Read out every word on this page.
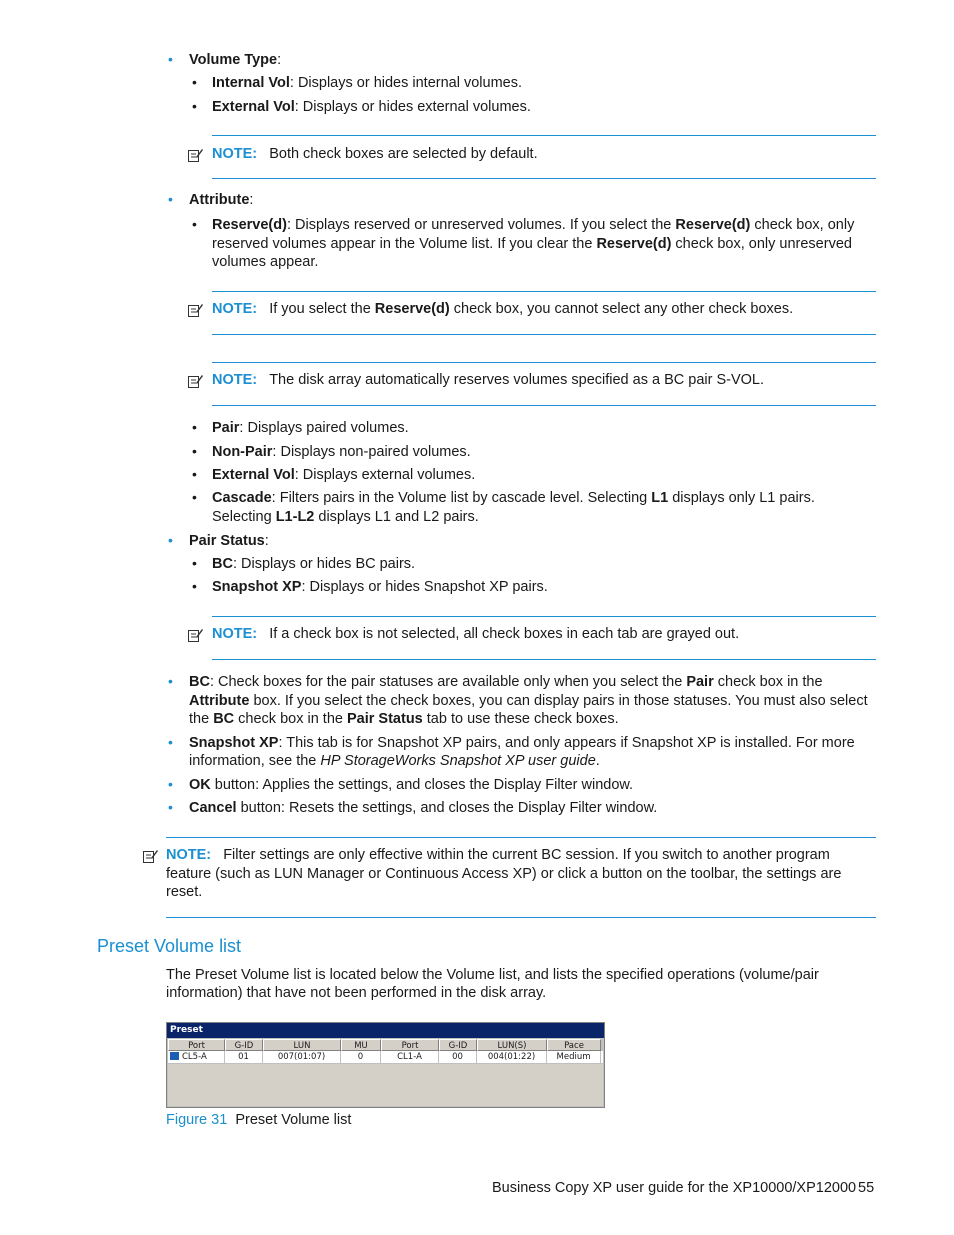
• Volume Type:
• Internal Vol: Displays or hides internal volumes.
• External Vol: Displays or hides external volumes.
NOTE: Both check boxes are selected by default.
• Attribute:
• Reserve(d): Displays reserved or unreserved volumes. If you select the Reserve(d) check box, only
reserved volumes appear in the Volume list. If you clear the Reserve(d) check box, only unreserved
volumes appear.
NOTE: If you select the Reserve(d) check box, you cannot select any other check boxes.
NOTE: The disk array automatically reserves volumes specified as a BC pair S-VOL.
• Pair: Displays paired volumes.
• Non-Pair: Displays non-paired volumes.
• External Vol: Displays external volumes.
• Cascade: Filters pairs in the Volume list by cascade level. Selecting L1 displays only L1 pairs.
Selecting L1-L2 displays L1 and L2 pairs.
• Pair Status:
• BC: Displays or hides BC pairs.
• Snapshot XP: Displays or hides Snapshot XP pairs.
NOTE: If a check box is not selected, all check boxes in each tab are grayed out.
• BC: Check boxes for the pair statuses are available only when you select the Pair check box in the
Attribute box. If you select the check boxes, you can display pairs in those statuses. You must also select
the BC check box in the Pair Status tab to use these check boxes.
• Snapshot XP: This tab is for Snapshot XP pairs, and only appears if Snapshot XP is installed. For more
information, see the HP StorageWorks Snapshot XP user guide.
• OK button: Applies the settings, and closes the Display Filter window.
• Cancel button: Resets the settings, and closes the Display Filter window.
NOTE: Filter settings are only effective within the current BC session. If you switch to another program
feature (such as LUN Manager or Continuous Access XP) or click a button on the toolbar, the settings are
reset.
Preset Volume list
The Preset Volume list is located below the Volume list, and lists the specified operations (volume/pair
information) that have not been performed in the disk array.
Preset
Port	G-ID	LUN	MU	Port	G-ID	LUN(S)	Pace
CL5-A	01	007(01:07)	0	CL1-A	00	004(01:22)	Medium
Figure 31 Preset Volume list
Business Copy XP user guide for the XP10000/XP12000 55
